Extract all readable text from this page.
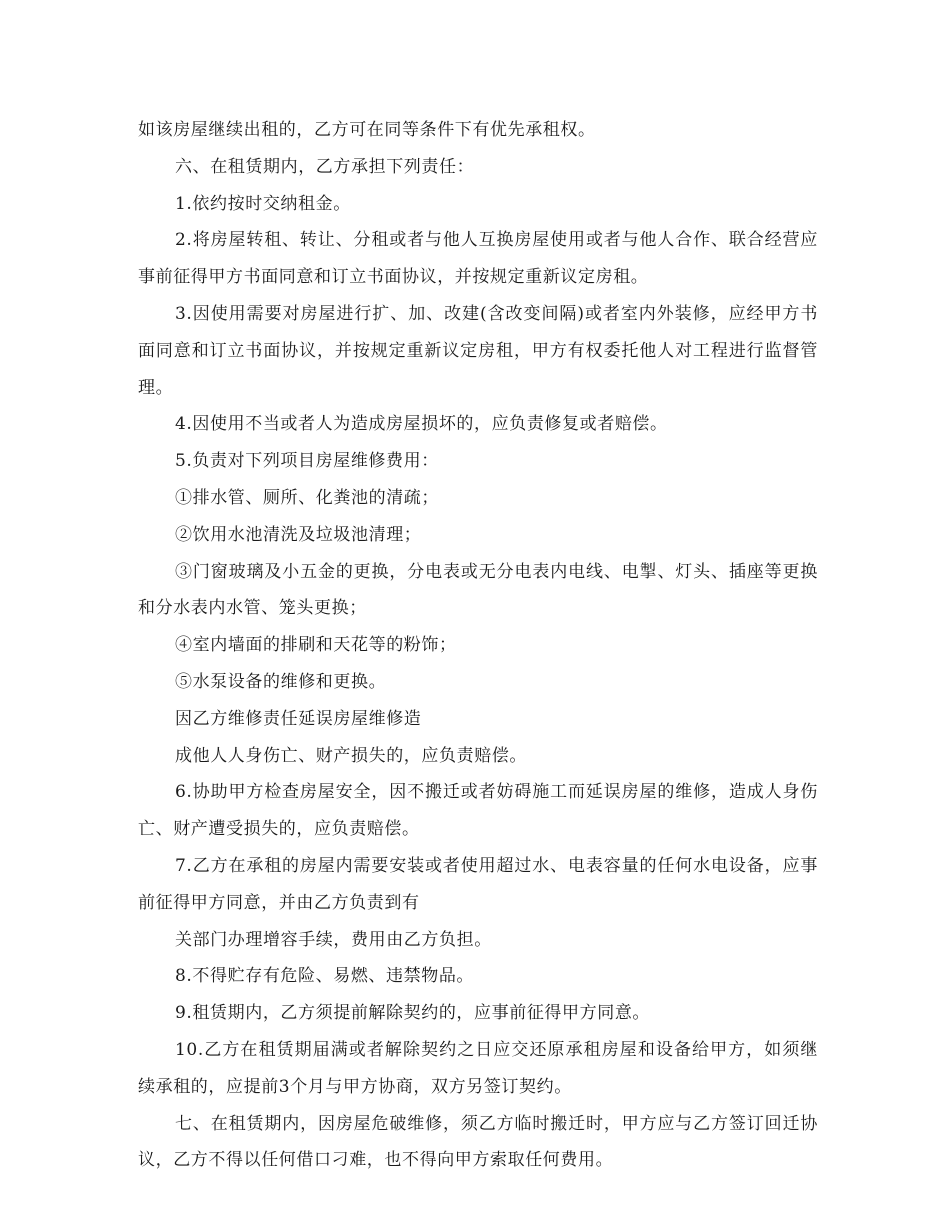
如该房屋继续出租的，乙方可在同等条件下有优先承租权。

六、在租赁期内，乙方承担下列责任：

1.依约按时交纳租金。

2.将房屋转租、转让、分租或者与他人互换房屋使用或者与他人合作、联合经营应事前征得甲方书面同意和订立书面协议，并按规定重新议定房租。

3.因使用需要对房屋进行扩、加、改建(含改变间隔)或者室内外装修，应经甲方书面同意和订立书面协议，并按规定重新议定房租，甲方有权委托他人对工程进行监督管理。

4.因使用不当或者人为造成房屋损坏的，应负责修复或者赔偿。

5.负责对下列项目房屋维修费用：

①排水管、厕所、化粪池的清疏；

②饮用水池清洗及垃圾池清理；

③门窗玻璃及小五金的更换，分电表或无分电表内电线、电掣、灯头、插座等更换和分水表内水管、笼头更换；

④室内墙面的排刷和天花等的粉饰；

⑤水泵设备的维修和更换。

因乙方维修责任延误房屋维修造

成他人人身伤亡、财产损失的，应负责赔偿。

6.协助甲方检查房屋安全，因不搬迁或者妨碍施工而延误房屋的维修，造成人身伤亡、财产遭受损失的，应负责赔偿。

7.乙方在承租的房屋内需要安装或者使用超过水、电表容量的任何水电设备，应事前征得甲方同意，并由乙方负责到有

关部门办理增容手续，费用由乙方负担。

8.不得贮存有危险、易燃、违禁物品。

9.租赁期内，乙方须提前解除契约的，应事前征得甲方同意。

10.乙方在租赁期届满或者解除契约之日应交还原承租房屋和设备给甲方，如须继续承租的，应提前3个月与甲方协商，双方另签订契约。

七、在租赁期内，因房屋危破维修，须乙方临时搬迁时，甲方应与乙方签订回迁协议，乙方不得以任何借口刁难，也不得向甲方索取任何费用。
